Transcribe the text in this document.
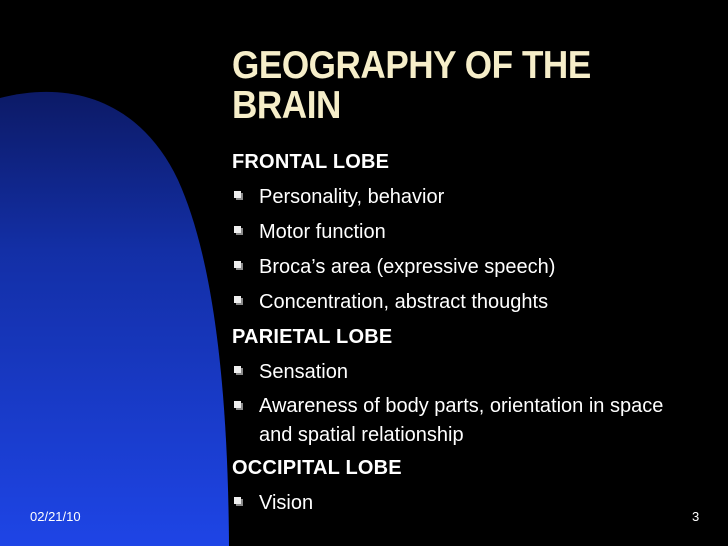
GEOGRAPHY OF THE BRAIN
FRONTAL LOBE
Personality, behavior
Motor function
Broca’s area (expressive speech)
Concentration, abstract thoughts
PARIETAL LOBE
Sensation
Awareness of body parts, orientation in space and spatial relationship
OCCIPITAL LOBE
Vision
02/21/10	3
